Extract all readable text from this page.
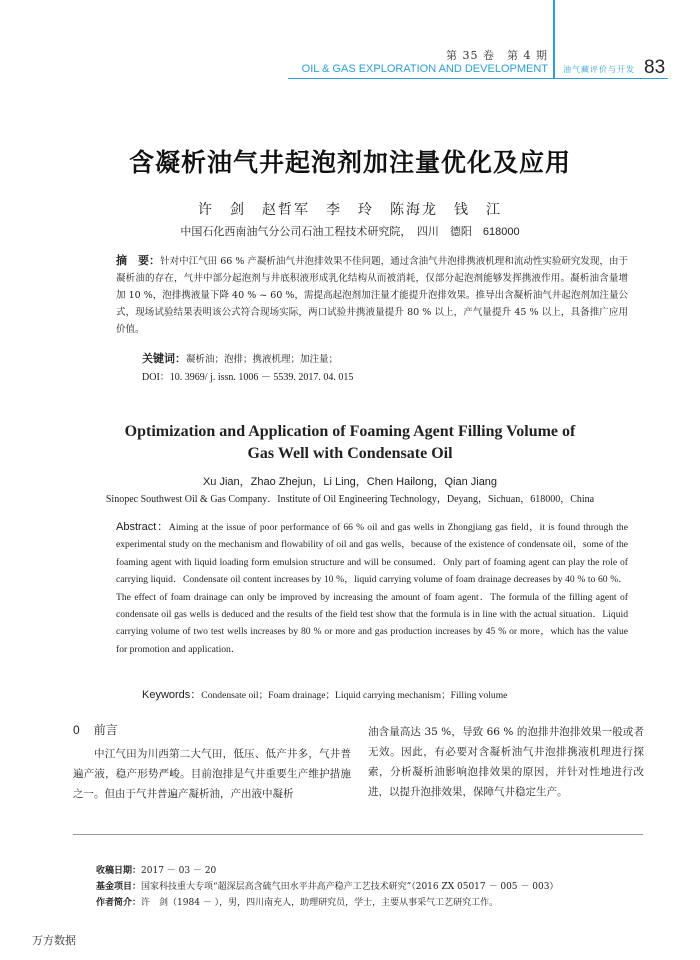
第 35 卷　第 4 期
OIL & GAS EXPLORATION AND DEVELOPMENT 油气藏评价与开发 83
含凝析油气井起泡剂加注量优化及应用
许　剑　赵哲军　李　玲　陈海龙　钱　江
中国石化西南油气分公司石油工程技术研究院，　四川　德阳　618000
摘　要：针对中江气田 66 % 产凝析油气井泡排效果不佳问题，通过含油气井泡排携液机理和流动性实验研究发现，由于凝析油的存在，气井中部分起泡剂与井底积液形成乳化结构从而被消耗，仅部分起泡剂能够发挥携液作用。凝析油含量增加 10 %，泡排携液量下降 40 % ~ 60 %，需提高起泡剂加注量才能提升泡排效果。推导出含凝析油气井起泡剂加注量公式，现场试验结果表明该公式符合现场实际，两口试验井携液量提升 80 % 以上，产气量提升 45 % 以上，具备推广应用价值。
关键词：凝析油；泡排；携液机理；加注量；
DOI：10. 3969/ j. issn. 1006 － 5539. 2017. 04. 015
Optimization and Application of Foaming Agent Filling Volume of Gas Well with Condensate Oil
Xu Jian，Zhao Zhejun，Li Ling，Chen Hailong，Qian Jiang
Sinopec Southwest Oil & Gas Company．Institute of Oil Engineering Technology，Deyang，Sichuan，618000，China
Abstract：Aiming at the issue of poor performance of 66 % oil and gas wells in Zhongjiang gas field，it is found through the experimental study on the mechanism and flowability of oil and gas wells，because of the existence of condensate oil，some of the foaming agent with liquid loading form emulsion structure and will be consumed．Only part of foaming agent can play the role of carrying liquid．Condensate oil content increases by 10 %，liquid carrying volume of foam drainage decreases by 40 % to 60 %．The effect of foam drainage can only be improved by increasing the amount of foam agent．The formula of the filling agent of condensate oil gas wells is deduced and the results of the field test show that the formula is in line with the actual situation．Liquid carrying volume of two test wells increases by 80 % or more and gas production increases by 45 % or more，which has the value for promotion and application．
Keywords：Condensate oil；Foam drainage；Liquid carrying mechanism；Filling volume
0 前言
中江气田为川西第二大气田，低压、低产井多，气井普遍产液，稳产形势严峻。目前泡排是气井重要生产维护措施之一。但由于气井普遍产凝析油，产出液中凝析
油含量高达 35 %，导致 66 % 的泡排井泡排效果一般或者无效。因此，有必要对含凝析油气井泡排携液机理进行探索，分析凝析油影响泡排效果的原因，并针对性地进行改进，以提升泡排效果，保障气井稳定生产。
收稿日期：2017 － 03 － 20
基金项目：国家科技重大专项“超深层高含硫气田水平井高产稳产工艺技术研究”（2016 ZX 05017 － 005 － 003）
作者简介：许　剑（1984 － ），男，四川南充人，助理研究员，学士，主要从事采气工艺研究工作。
万方数据
